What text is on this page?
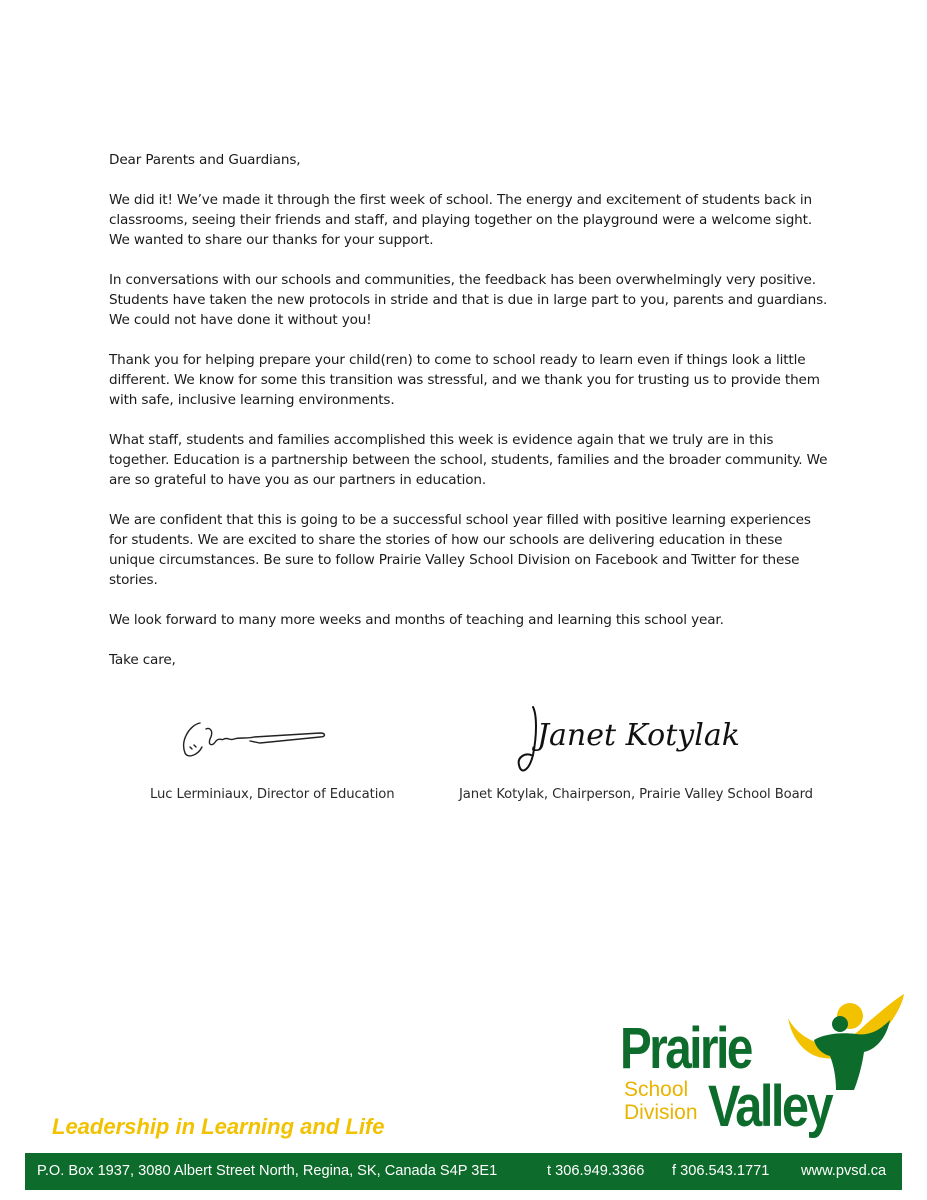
Dear Parents and Guardians,

We did it! We’ve made it through the first week of school. The energy and excitement of students back in classrooms, seeing their friends and staff, and playing together on the playground were a welcome sight. We wanted to share our thanks for your support.

In conversations with our schools and communities, the feedback has been overwhelmingly very positive. Students have taken the new protocols in stride and that is due in large part to you, parents and guardians. We could not have done it without you!

Thank you for helping prepare your child(ren) to come to school ready to learn even if things look a little different. We know for some this transition was stressful, and we thank you for trusting us to provide them with safe, inclusive learning environments.

What staff, students and families accomplished this week is evidence again that we truly are in this together. Education is a partnership between the school, students, families and the broader community. We are so grateful to have you as our partners in education.

We are confident that this is going to be a successful school year filled with positive learning experiences for students. We are excited to share the stories of how our schools are delivering education in these unique circumstances. Be sure to follow Prairie Valley School Division on Facebook and Twitter for these stories.

We look forward to many more weeks and months of teaching and learning this school year.

Take care,

Luc Lerminiaux, Director of Education
Janet Kotylak
Janet Kotylak, Chairperson, Prairie Valley School Board
Leadership in Learning and Life
Prairie
School
Division Valley
P.O. Box 1937, 3080 Albert Street North, Regina, SK, Canada S4P 3E1	t 306.949.3366 f 306.543.1771 www.pvsd.ca
